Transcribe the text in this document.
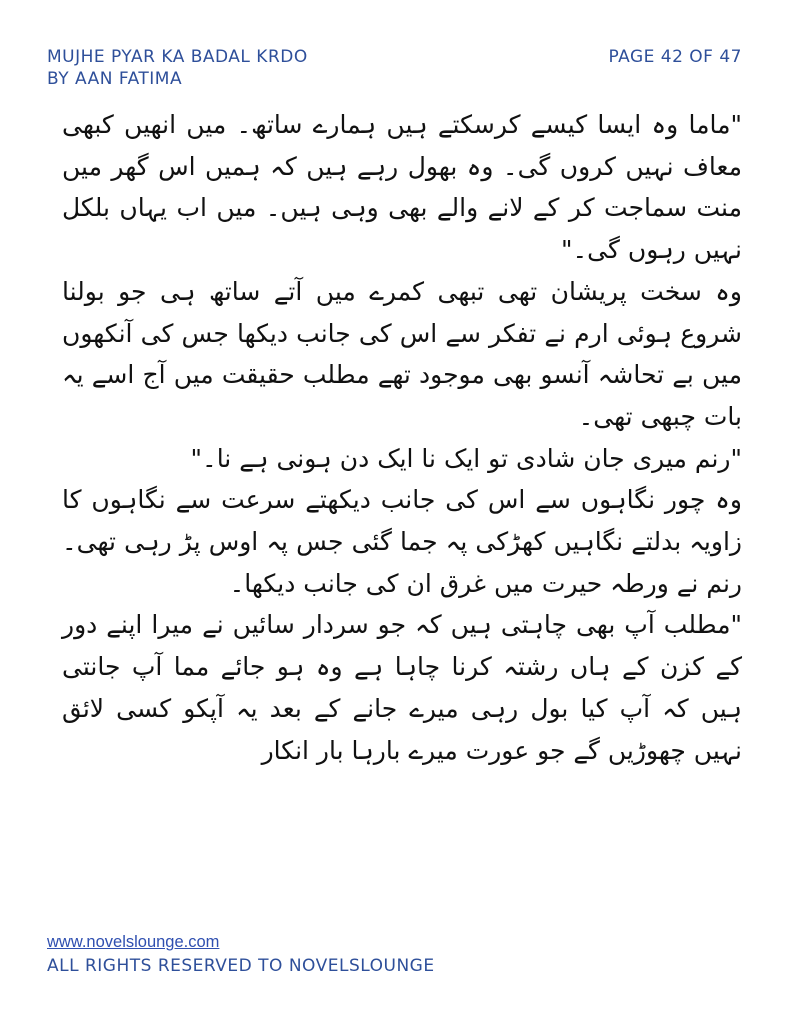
MUJHE PYAR KA BADAL KRDO
BY AAN FATIMA
PAGE 42 OF 47

"ماما وہ ایسا کیسے کرسکتے ہیں ہمارے ساتھ۔ میں انھیں کبھی معاف نہیں کروں گی۔ وہ بھول رہے ہیں کہ ہمیں اس گھر میں منت سماجت کر کے لانے والے بھی وہی ہیں۔ میں اب یہاں بلکل نہیں رہوں گی۔"

وہ سخت پریشان تھی تبھی کمرے میں آتے ساتھ ہی جو بولنا شروع ہوئی ارم نے تفکر سے اس کی جانب دیکھا جس کی آنکھوں میں بے تحاشہ آنسو بھی موجود تھے مطلب حقیقت میں آج اسے یہ بات چبھی تھی۔

"رنم میری جان شادی تو ایک نا ایک دن ہونی ہے نا۔"

وہ چور نگاہوں سے اس کی جانب دیکھتے سرعت سے نگاہوں کا زاویہ بدلتے نگاہیں کھڑکی پہ جما گئی جس پہ اوس پڑ رہی تھی۔ رنم نے ورطہ حیرت میں غرق ان کی جانب دیکھا۔

"مطلب آپ بھی چاہتی ہیں کہ جو سردار سائیں نے میرا اپنے دور کے کزن کے ہاں رشتہ کرنا چاہا ہے وہ ہو جائے مما آپ جانتی ہیں کہ آپ کیا بول رہی میرے جانے کے بعد یہ آپکو کسی لائق نہیں چھوڑیں گے جو عورت میرے بارہا بار انکار

www.novelslounge.com
ALL RIGHTS RESERVED TO NOVELSLOUNGE
